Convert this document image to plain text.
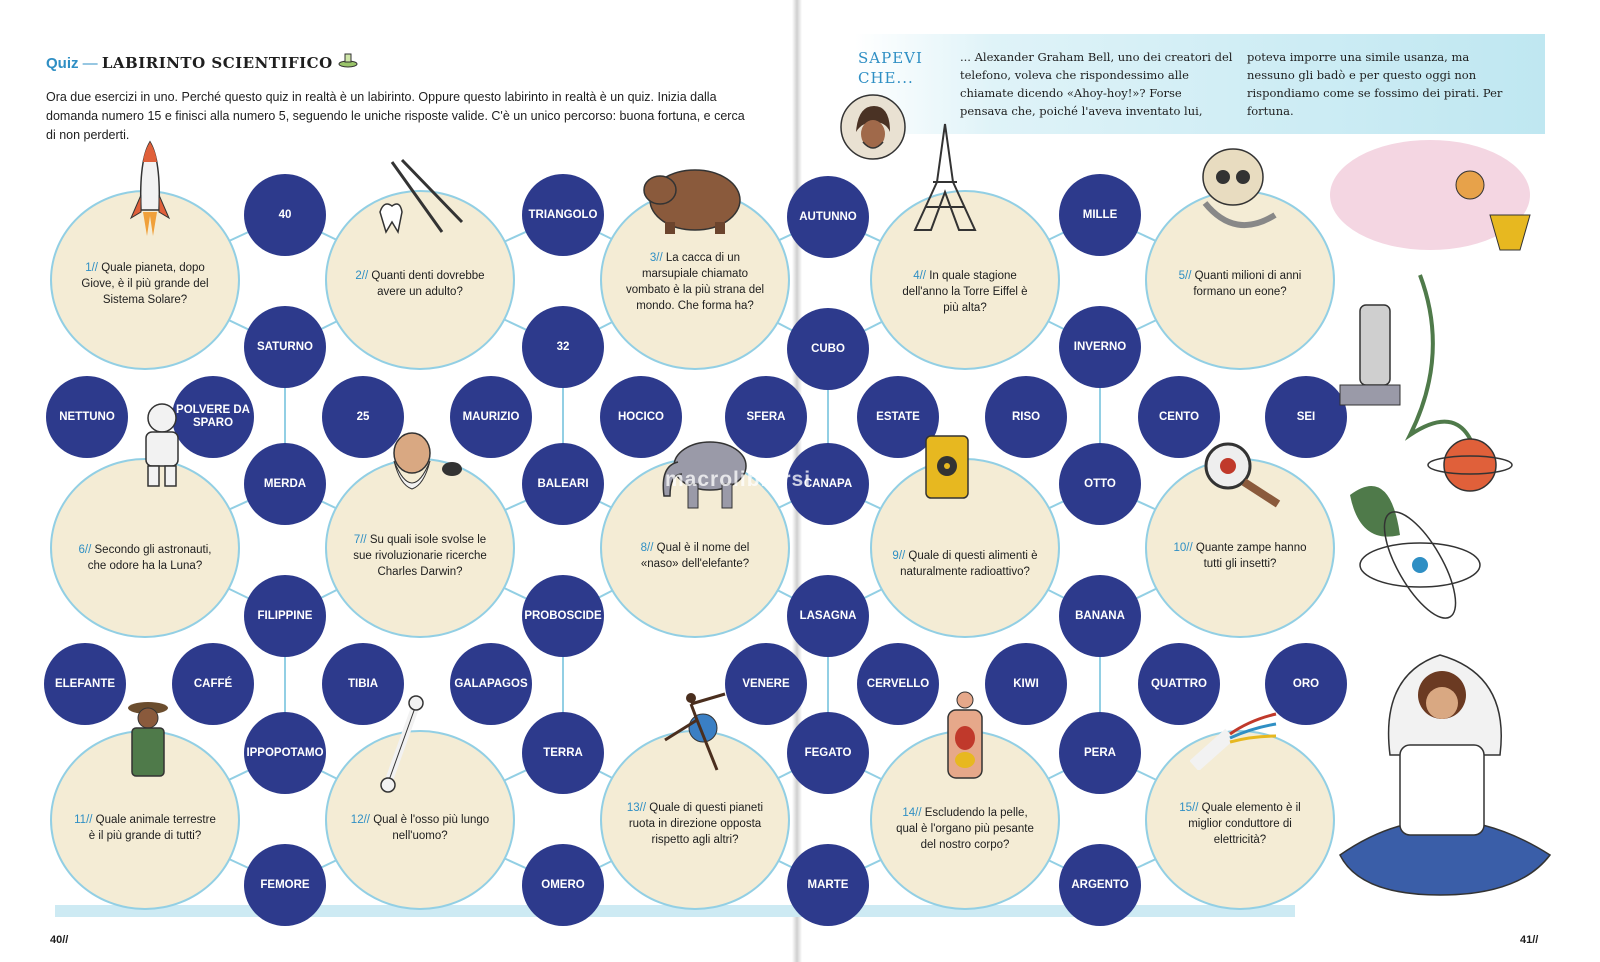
Quiz — LABIRINTO SCIENTIFICO
Ora due esercizi in uno. Perché questo quiz in realtà è un labirinto. Oppure questo labirinto in realtà è un quiz. Inizia dalla domanda numero 15 e finisci alla numero 5, seguendo le uniche risposte valide. C'è un unico percorso: buona fortuna, e cerca di non perderti.
SAPEVI CHE...
... Alexander Graham Bell, uno dei creatori del telefono, voleva che rispondessimo alle chiamate dicendo «Ahoy-hoy!»? Forse pensava che, poiché l'aveva inventato lui, poteva imporre una simile usanza, ma nessuno gli badò e per questo oggi non rispondiamo come se fossimo dei pirati. Per fortuna.
1// Quale pianeta, dopo Giove, è il più grande del Sistema Solare?
2// Quanti denti dovrebbe avere un adulto?
3// La cacca di un marsupiale chiamato vombato è la più strana del mondo. Che forma ha?
4// In quale stagione dell'anno la Torre Eiffel è più alta?
5// Quanti milioni di anni formano un eone?
6// Secondo gli astronauti, che odore ha la Luna?
7// Su quali isole svolse le sue rivoluzionarie ricerche Charles Darwin?
8// Qual è il nome del «naso» dell'elefante?
9// Quale di questi alimenti è naturalmente radioattivo?
10// Quante zampe hanno tutti gli insetti?
11// Quale animale terrestre è il più grande di tutti?
12// Qual è l'osso più lungo nell'uomo?
13// Quale di questi pianeti ruota in direzione opposta rispetto agli altri?
14// Escludendo la pelle, qual è l'organo più pesante del nostro corpo?
15// Quale elemento è il miglior conduttore di elettricità?
40	TRIANGOLO	AUTUNNO	MILLE
SATURNO	32	CUBO	INVERNO
NETTUNO
POLVERE DA SPARO
25	MAURIZIO	HOCICO	SFERA	ESTATE	RISO	CENTO	SEI
MERDA	BALEARI	CANAPA	OTTO
FILIPPINE	PROBOSCIDE	LASAGNA	BANANA
ELEFANTE	CAFFÉ	TIBIA	GALAPAGOS	VENERE	CERVELLO	KIWI	QUATTRO	ORO
IPPOPOTAMO	TERRA	FEGATO	PERA
FEMORE	OMERO	MARTE	ARGENTO
macrolibrarsi
40//	41//
